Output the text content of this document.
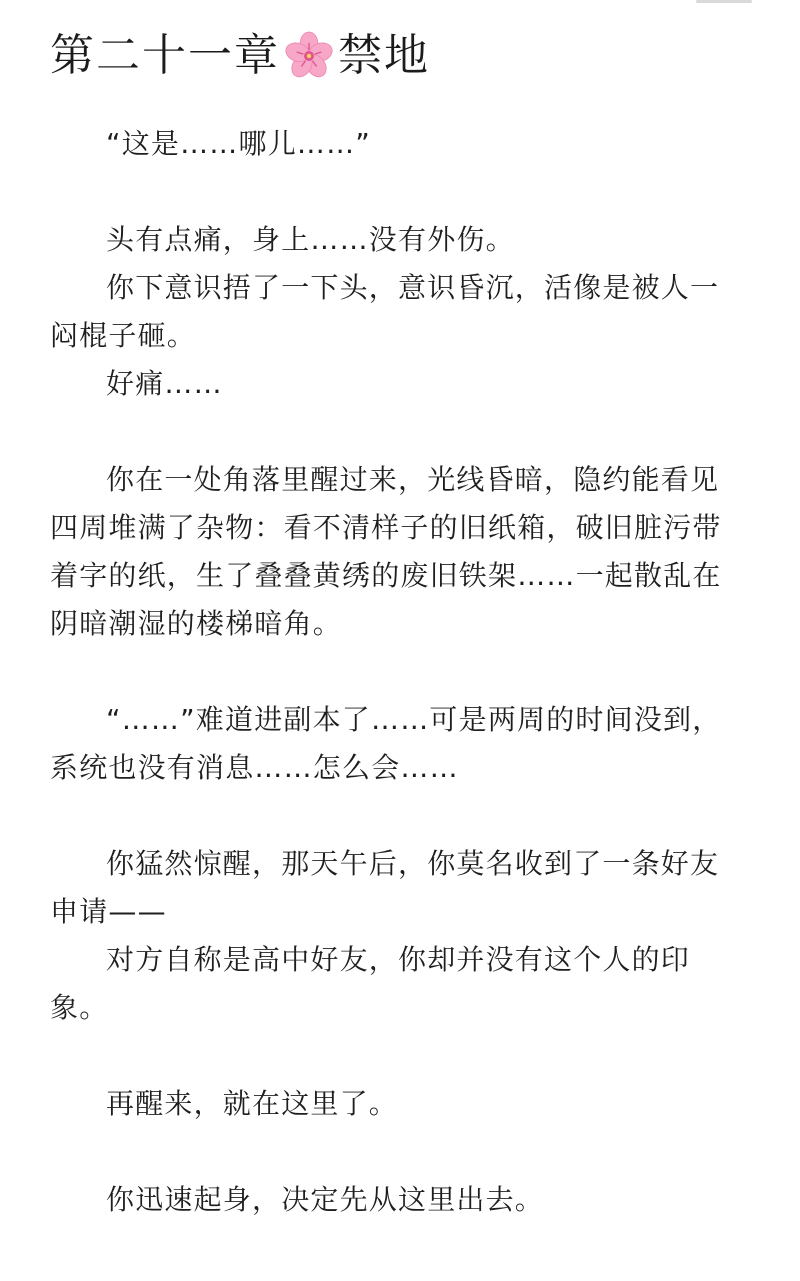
第二十一章 禁地

“这是……哪儿……”

头有点痛，身上……没有外伤。

你下意识捂了一下头，意识昏沉，活像是被人一闷棍子砸。

好痛……

你在一处角落里醒过来，光线昏暗，隐约能看见四周堆满了杂物：看不清样子的旧纸箱，破旧脏污带着字的纸，生了叠叠黄绣的废旧铁架……一起散乱在阴暗潮湿的楼梯暗角。

“……”难道进副本了……可是两周的时间没到，系统也没有消息……怎么会……

你猛然惊醒，那天午后，你莫名收到了一条好友申请——

对方自称是高中好友，你却并没有这个人的印象。

再醒来，就在这里了。

你迅速起身，决定先从这里出去。
